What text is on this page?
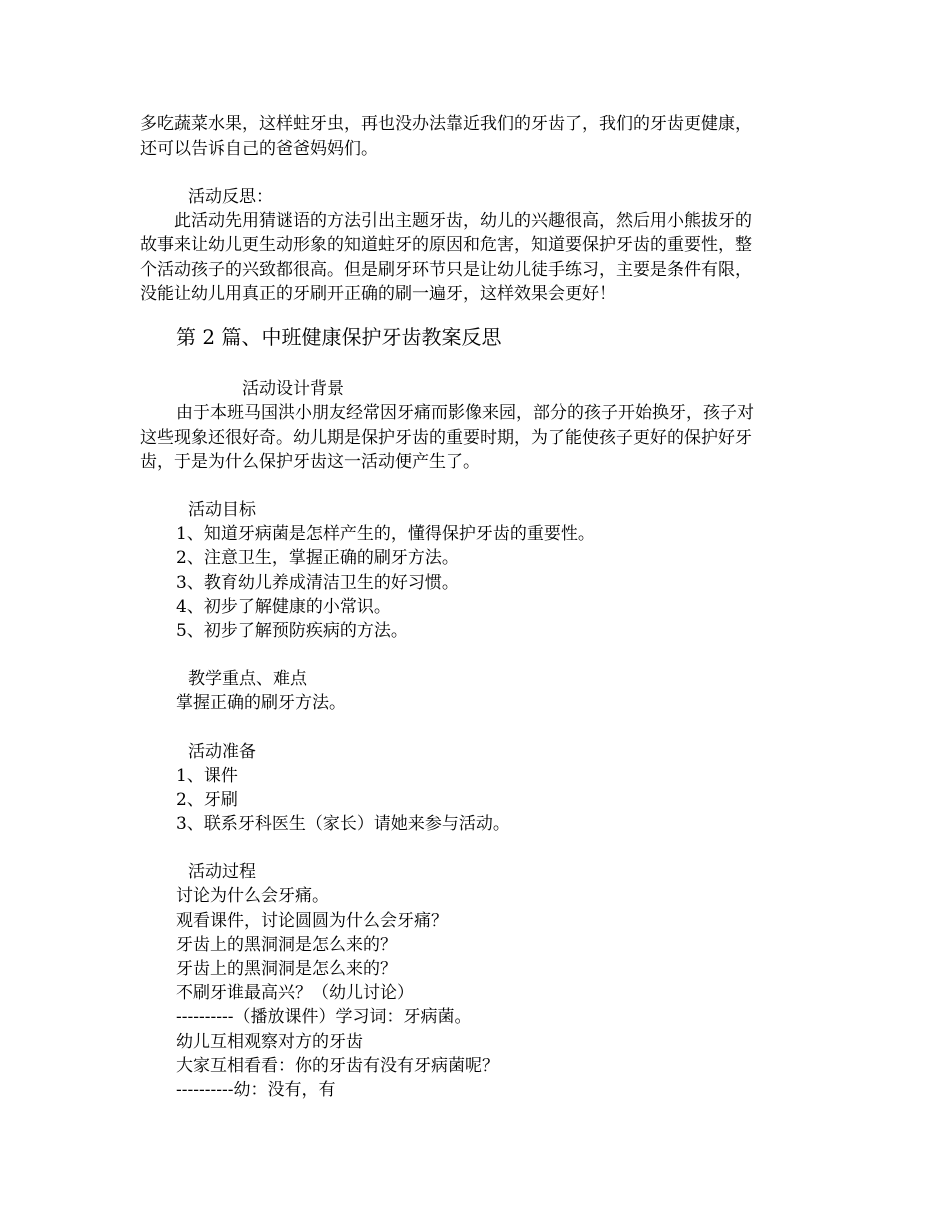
多吃蔬菜水果，这样蛀牙虫，再也没办法靠近我们的牙齿了，我们的牙齿更健康，
还可以告诉自己的爸爸妈妈们。
活动反思：
此活动先用猜谜语的方法引出主题牙齿，幼儿的兴趣很高，然后用小熊拔牙的
故事来让幼儿更生动形象的知道蛀牙的原因和危害，知道要保护牙齿的重要性，整
个活动孩子的兴致都很高。但是刷牙环节只是让幼儿徒手练习，主要是条件有限，
没能让幼儿用真正的牙刷开正确的刷一遍牙，这样效果会更好！
第 2 篇、中班健康保护牙齿教案反思
活动设计背景
由于本班马国洪小朋友经常因牙痛而影像来园，部分的孩子开始换牙，孩子对
这些现象还很好奇。幼儿期是保护牙齿的重要时期，为了能使孩子更好的保护好牙
齿，于是为什么保护牙齿这一活动便产生了。
活动目标
1、知道牙病菌是怎样产生的，懂得保护牙齿的重要性。
2、注意卫生，掌握正确的刷牙方法。
3、教育幼儿养成清洁卫生的好习惯。
4、初步了解健康的小常识。
5、初步了解预防疾病的方法。
教学重点、难点
掌握正确的刷牙方法。
活动准备
1、课件
2、牙刷
3、联系牙科医生（家长）请她来参与活动。
活动过程
讨论为什么会牙痛。
观看课件，讨论圆圆为什么会牙痛？
牙齿上的黑洞洞是怎么来的？
牙齿上的黑洞洞是怎么来的？
不刷牙谁最高兴？（幼儿讨论）
----------（播放课件）学习词：牙病菌。
幼儿互相观察对方的牙齿
大家互相看看：你的牙齿有没有牙病菌呢？
----------幼：没有，有
